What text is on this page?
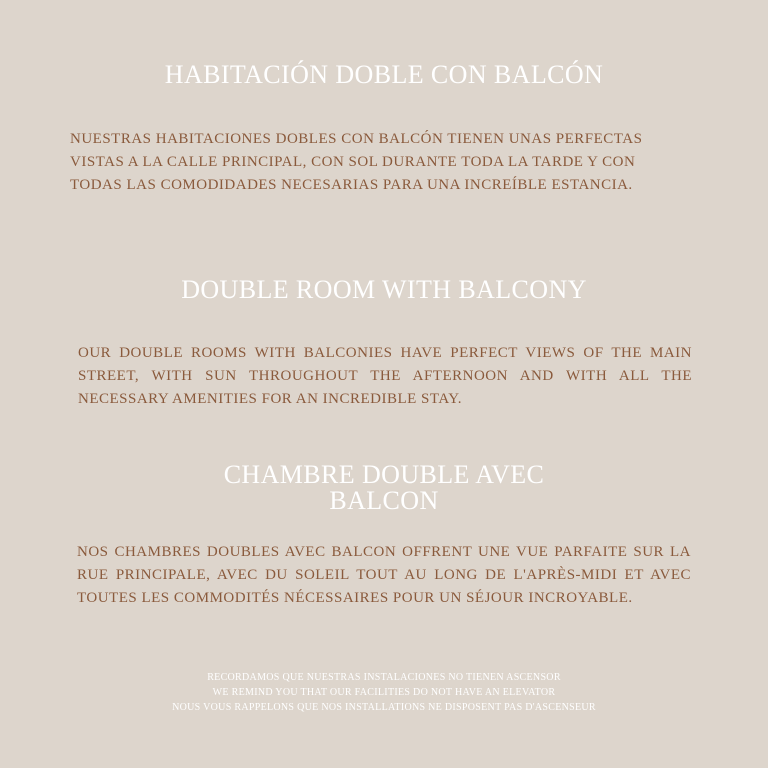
HABITACIÓN DOBLE CON BALCÓN

NUESTRAS HABITACIONES DOBLES CON BALCÓN TIENEN UNAS PERFECTAS VISTAS A LA CALLE PRINCIPAL, CON SOL DURANTE TODA LA TARDE Y CON TODAS LAS COMODIDADES NECESARIAS PARA UNA INCREÍBLE ESTANCIA.

DOUBLE ROOM WITH BALCONY

OUR DOUBLE ROOMS WITH BALCONIES HAVE PERFECT VIEWS OF THE MAIN STREET, WITH SUN THROUGHOUT THE AFTERNOON AND WITH ALL THE NECESSARY AMENITIES FOR AN INCREDIBLE STAY.

CHAMBRE DOUBLE AVEC BALCON

NOS CHAMBRES DOUBLES AVEC BALCON OFFRENT UNE VUE PARFAITE SUR LA RUE PRINCIPALE, AVEC DU SOLEIL TOUT AU LONG DE L'APRÈS-MIDI ET AVEC TOUTES LES COMMODITÉS NÉCESSAIRES POUR UN SÉJOUR INCROYABLE.

RECORDAMOS QUE NUESTRAS INSTALACIONES NO TIENEN ASCENSOR
WE REMIND YOU THAT OUR FACILITIES DO NOT HAVE AN ELEVATOR
NOUS VOUS RAPPELONS QUE NOS INSTALLATIONS NE DISPOSENT PAS D'ASCENSEUR
